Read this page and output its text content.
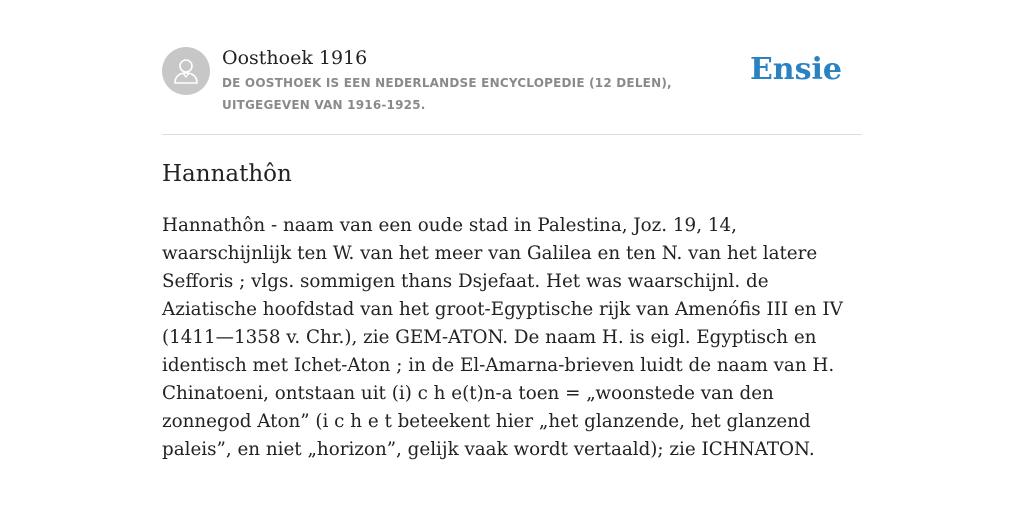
Oosthoek 1916

DE OOSTHOEK IS EEN NEDERLANDSE ENCYCLOPEDIE (12 DELEN), UITGEGEVEN VAN 1916-1925.

Ensie
Hannathôn

Hannathôn - naam van een oude stad in Palestina, Joz. 19, 14, waarschijnlijk ten W. van het meer van Galilea en ten N. van het latere Sefforis ; vlgs. sommigen thans Dsjefaat. Het was waarschijnl. de Aziatische hoofdstad van het groot-Egyptische rijk van Amenófis III en IV (1411—1358 v. Chr.), zie GEM-ATON. De naam H. is eigl. Egyptisch en identisch met Ichet-Aton ; in de El-Amarna-brieven luidt de naam van H. Chinatoeni, ontstaan uit (i) c h e(t)n-a toen = „woonstede van den zonnegod Aton” (i c h e t beteekent hier „het glanzende, het glanzend paleis”, en niet „horizon”, gelijk vaak wordt vertaald); zie ICHNATON.
